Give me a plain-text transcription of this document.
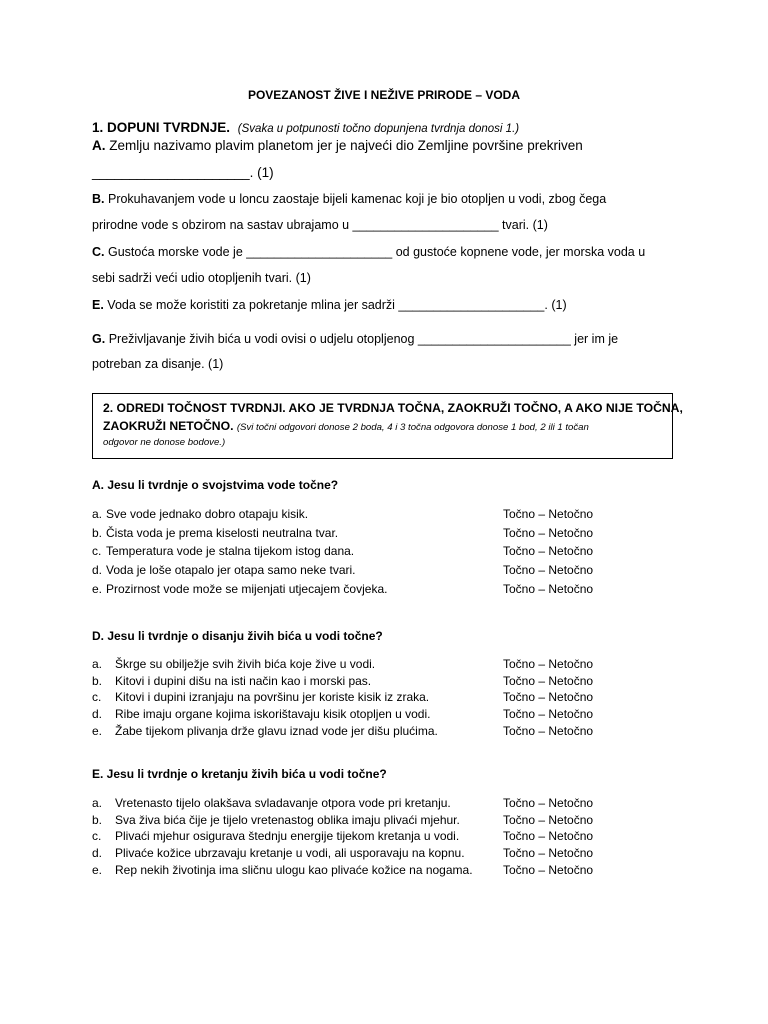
POVEZANOST ŽIVE I NEŽIVE PRIRODE – VODA
1. DOPUNI TVRDNJE. (Svaka u potpunosti točno dopunjena tvrdnja donosi 1.)
A. Zemlju nazivamo plavim planetom jer je najveći dio Zemljine površine prekriven
_____________________. (1)
B. Prokuhavanjem vode u loncu zaostaje bijeli kamenac koji je bio otopljen u vodi, zbog čega
prirodne vode s obzirom na sastav ubrajamo u _____________________ tvari. (1)
C. Gustoća morske vode je _____________________ od gustoće kopnene vode, jer morska voda u
sebi sadrži veći udio otopljenih tvari. (1)
E. Voda se može koristiti za pokretanje mlina jer sadrži _____________________. (1)
G. Preživljavanje živih bića u vodi ovisi o udjelu otopljenog ______________________ jer im je
potreban za disanje. (1)
2. ODREDI TOČNOST TVRDNJI. AKO JE TVRDNJA TOČNA, ZAOKRUŽI TOČNO, A AKO NIJE TOČNA,
ZAOKRUŽI NETOČNO. (Svi točni odgovori donose 2 boda, 4 i 3 točna odgovora donose 1 bod, 2 ili 1 točan
odgovor ne donose bodove.)
A. Jesu li tvrdnje o svojstvima vode točne?
a. Sve vode jednako dobro otapaju kisik.	Točno – Netočno
b. Čista voda je prema kiselosti neutralna tvar.	Točno – Netočno
c. Temperatura vode je stalna tijekom istog dana.	Točno – Netočno
d. Voda je loše otapalo jer otapa samo neke tvari.	Točno – Netočno
e. Prozirnost vode može se mijenjati utjecajem čovjeka.	Točno – Netočno
D. Jesu li tvrdnje o disanju živih bića u vodi točne?
a. Škrge su obilježje svih živih bića koje žive u vodi.	Točno – Netočno
b. Kitovi i dupini dišu na isti način kao i morski pas.	Točno – Netočno
c. Kitovi i dupini izranjaju na površinu jer koriste kisik iz zraka.	Točno – Netočno
d. Ribe imaju organe kojima iskorištavaju kisik otopljen u vodi.	Točno – Netočno
e. Žabe tijekom plivanja drže glavu iznad vode jer dišu plućima.	Točno – Netočno
E. Jesu li tvrdnje o kretanju živih bića u vodi točne?
a. Vretenasto tijelo olakšava svladavanje otpora vode pri kretanju.	Točno – Netočno
b. Sva živa bića čije je tijelo vretenastog oblika imaju plivaći mjehur.	Točno – Netočno
c. Plivaći mjehur osigurava štednju energije tijekom kretanja u vodi.	Točno – Netočno
d. Plivaće kožice ubrzavaju kretanje u vodi, ali usporavaju na kopnu.	Točno – Netočno
e. Rep nekih životinja ima sličnu ulogu kao plivaće kožice na nogama.	Točno – Netočno
